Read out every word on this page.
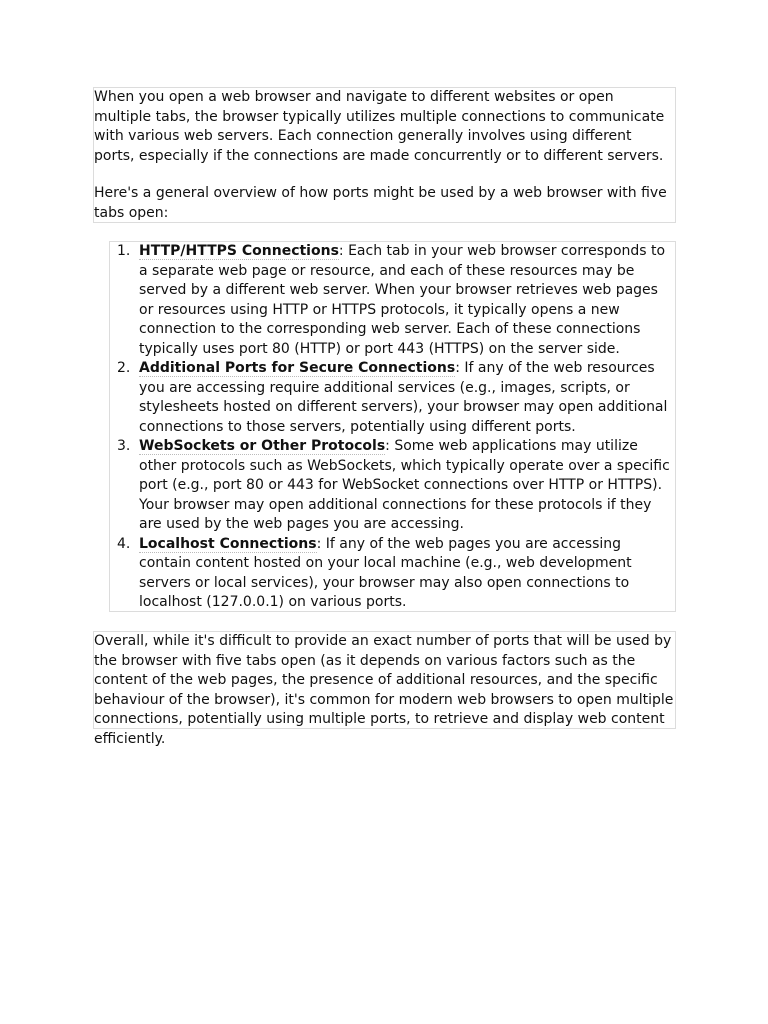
When you open a web browser and navigate to different websites or open multiple tabs, the browser typically utilizes multiple connections to communicate with various web servers. Each connection generally involves using different ports, especially if the connections are made concurrently or to different servers.

Here's a general overview of how ports might be used by a web browser with five tabs open:

1. HTTP/HTTPS Connections: Each tab in your web browser corresponds to a separate web page or resource, and each of these resources may be served by a different web server. When your browser retrieves web pages or resources using HTTP or HTTPS protocols, it typically opens a new connection to the corresponding web server. Each of these connections typically uses port 80 (HTTP) or port 443 (HTTPS) on the server side.
2. Additional Ports for Secure Connections: If any of the web resources you are accessing require additional services (e.g., images, scripts, or stylesheets hosted on different servers), your browser may open additional connections to those servers, potentially using different ports.
3. WebSockets or Other Protocols: Some web applications may utilize other protocols such as WebSockets, which typically operate over a specific port (e.g., port 80 or 443 for WebSocket connections over HTTP or HTTPS). Your browser may open additional connections for these protocols if they are used by the web pages you are accessing.
4. Localhost Connections: If any of the web pages you are accessing contain content hosted on your local machine (e.g., web development servers or local services), your browser may also open connections to localhost (127.0.0.1) on various ports.

Overall, while it's difficult to provide an exact number of ports that will be used by the browser with five tabs open (as it depends on various factors such as the content of the web pages, the presence of additional resources, and the specific behaviour of the browser), it's common for modern web browsers to open multiple connections, potentially using multiple ports, to retrieve and display web content efficiently.
